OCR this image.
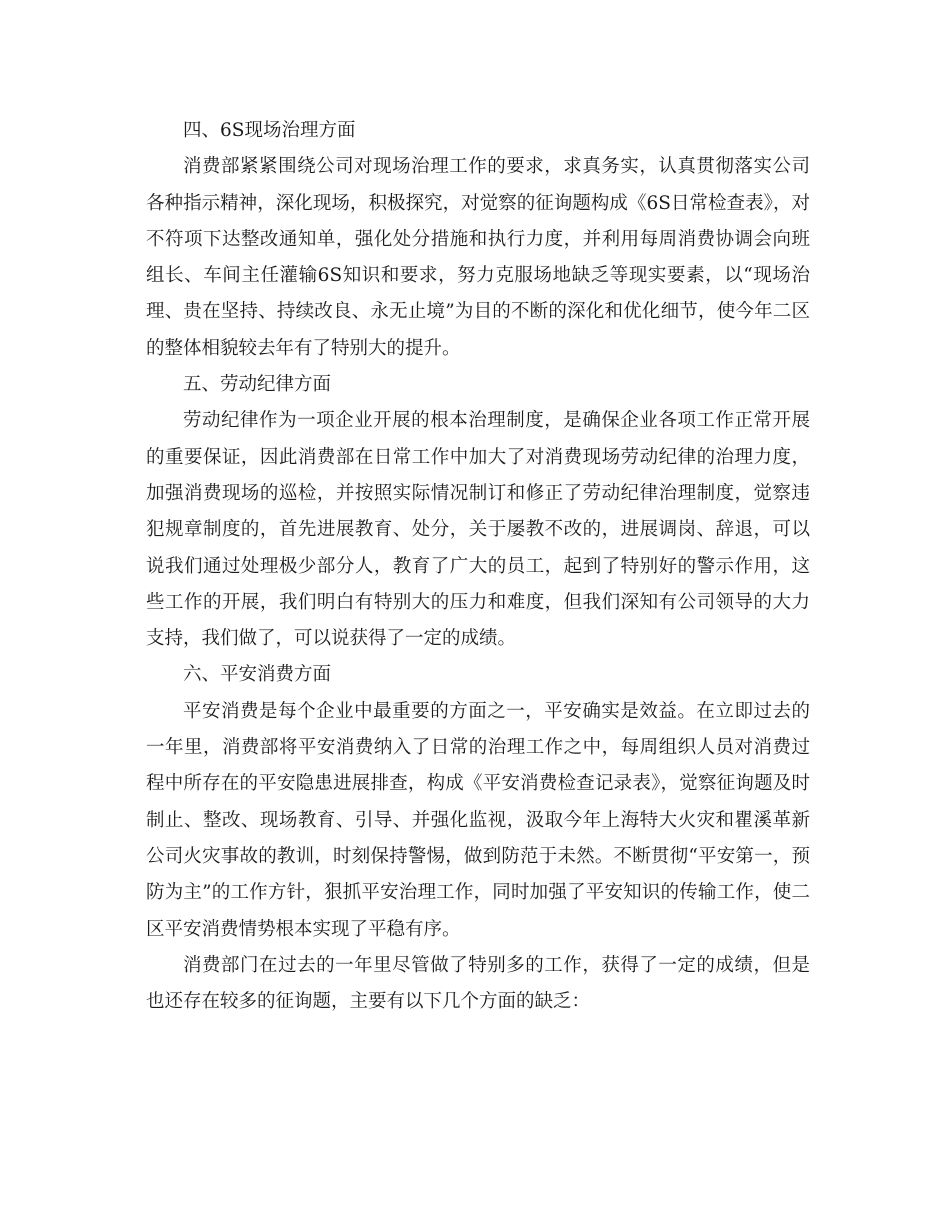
四、6S现场治理方面

消费部紧紧围绕公司对现场治理工作的要求，求真务实，认真贯彻落实公司各种指示精神，深化现场，积极探究，对觉察的征询题构成《6S日常检查表》，对不符项下达整改通知单，强化处分措施和执行力度，并利用每周消费协调会向班组长、车间主任灌输6S知识和要求，努力克服场地缺乏等现实要素，以“现场治理、贵在坚持、持续改良、永无止境”为目的不断的深化和优化细节，使今年二区的整体相貌较去年有了特别大的提升。

五、劳动纪律方面

劳动纪律作为一项企业开展的根本治理制度，是确保企业各项工作正常开展的重要保证，因此消费部在日常工作中加大了对消费现场劳动纪律的治理力度，加强消费现场的巡检，并按照实际情况制订和修正了劳动纪律治理制度，觉察违犯规章制度的，首先进展教育、处分，关于屡教不改的，进展调岗、辞退，可以说我们通过处理极少部分人，教育了广大的员工，起到了特别好的警示作用，这些工作的开展，我们明白有特别大的压力和难度，但我们深知有公司领导的大力支持，我们做了，可以说获得了一定的成绩。

六、平安消费方面

平安消费是每个企业中最重要的方面之一，平安确实是效益。在立即过去的一年里，消费部将平安消费纳入了日常的治理工作之中，每周组织人员对消费过程中所存在的平安隐患进展排查，构成《平安消费检查记录表》，觉察征询题及时制止、整改、现场教育、引导、并强化监视，汲取今年上海特大火灾和瞿溪革新公司火灾事故的教训，时刻保持警惕，做到防范于未然。不断贯彻“平安第一，预防为主”的工作方针，狠抓平安治理工作，同时加强了平安知识的传输工作，使二区平安消费情势根本实现了平稳有序。

消费部门在过去的一年里尽管做了特别多的工作，获得了一定的成绩，但是也还存在较多的征询题，主要有以下几个方面的缺乏：
